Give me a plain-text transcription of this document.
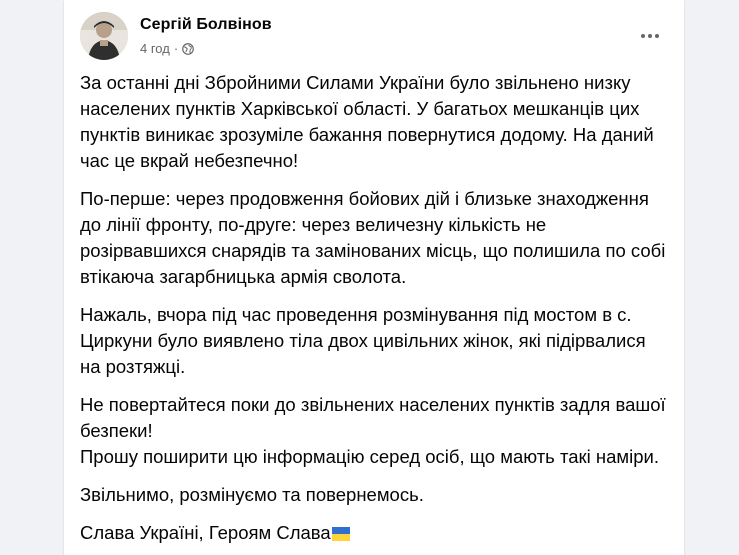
Сергій Болвінов
4 год ·

За останні дні Збройними Силами України було звільнено низку населених пунктів Харківської області. У багатьох мешканців цих пунктів виникає зрозуміле бажання повернутися додому. На даний час це вкрай небезпечно!

По-перше: через продовження бойових дій і близьке знаходження до лінії фронту, по-друге: через величезну кількість не розірвавшихся снарядів та замінованих місць, що полишила по собі втікаюча загарбницька армія сволота.

Нажаль, вчора під час проведення розмінування під мостом в с. Циркуни було виявлено тіла двох цивільних жінок, які підірвалися на розтяжці.

Не повертайтеся поки до звільнених населених пунктів задля вашої безпеки!
Прошу поширити цю інформацію серед осіб, що мають такі наміри.

Звільнимо, розмінуємо та повернемось.

Слава Україні, Героям Слава
